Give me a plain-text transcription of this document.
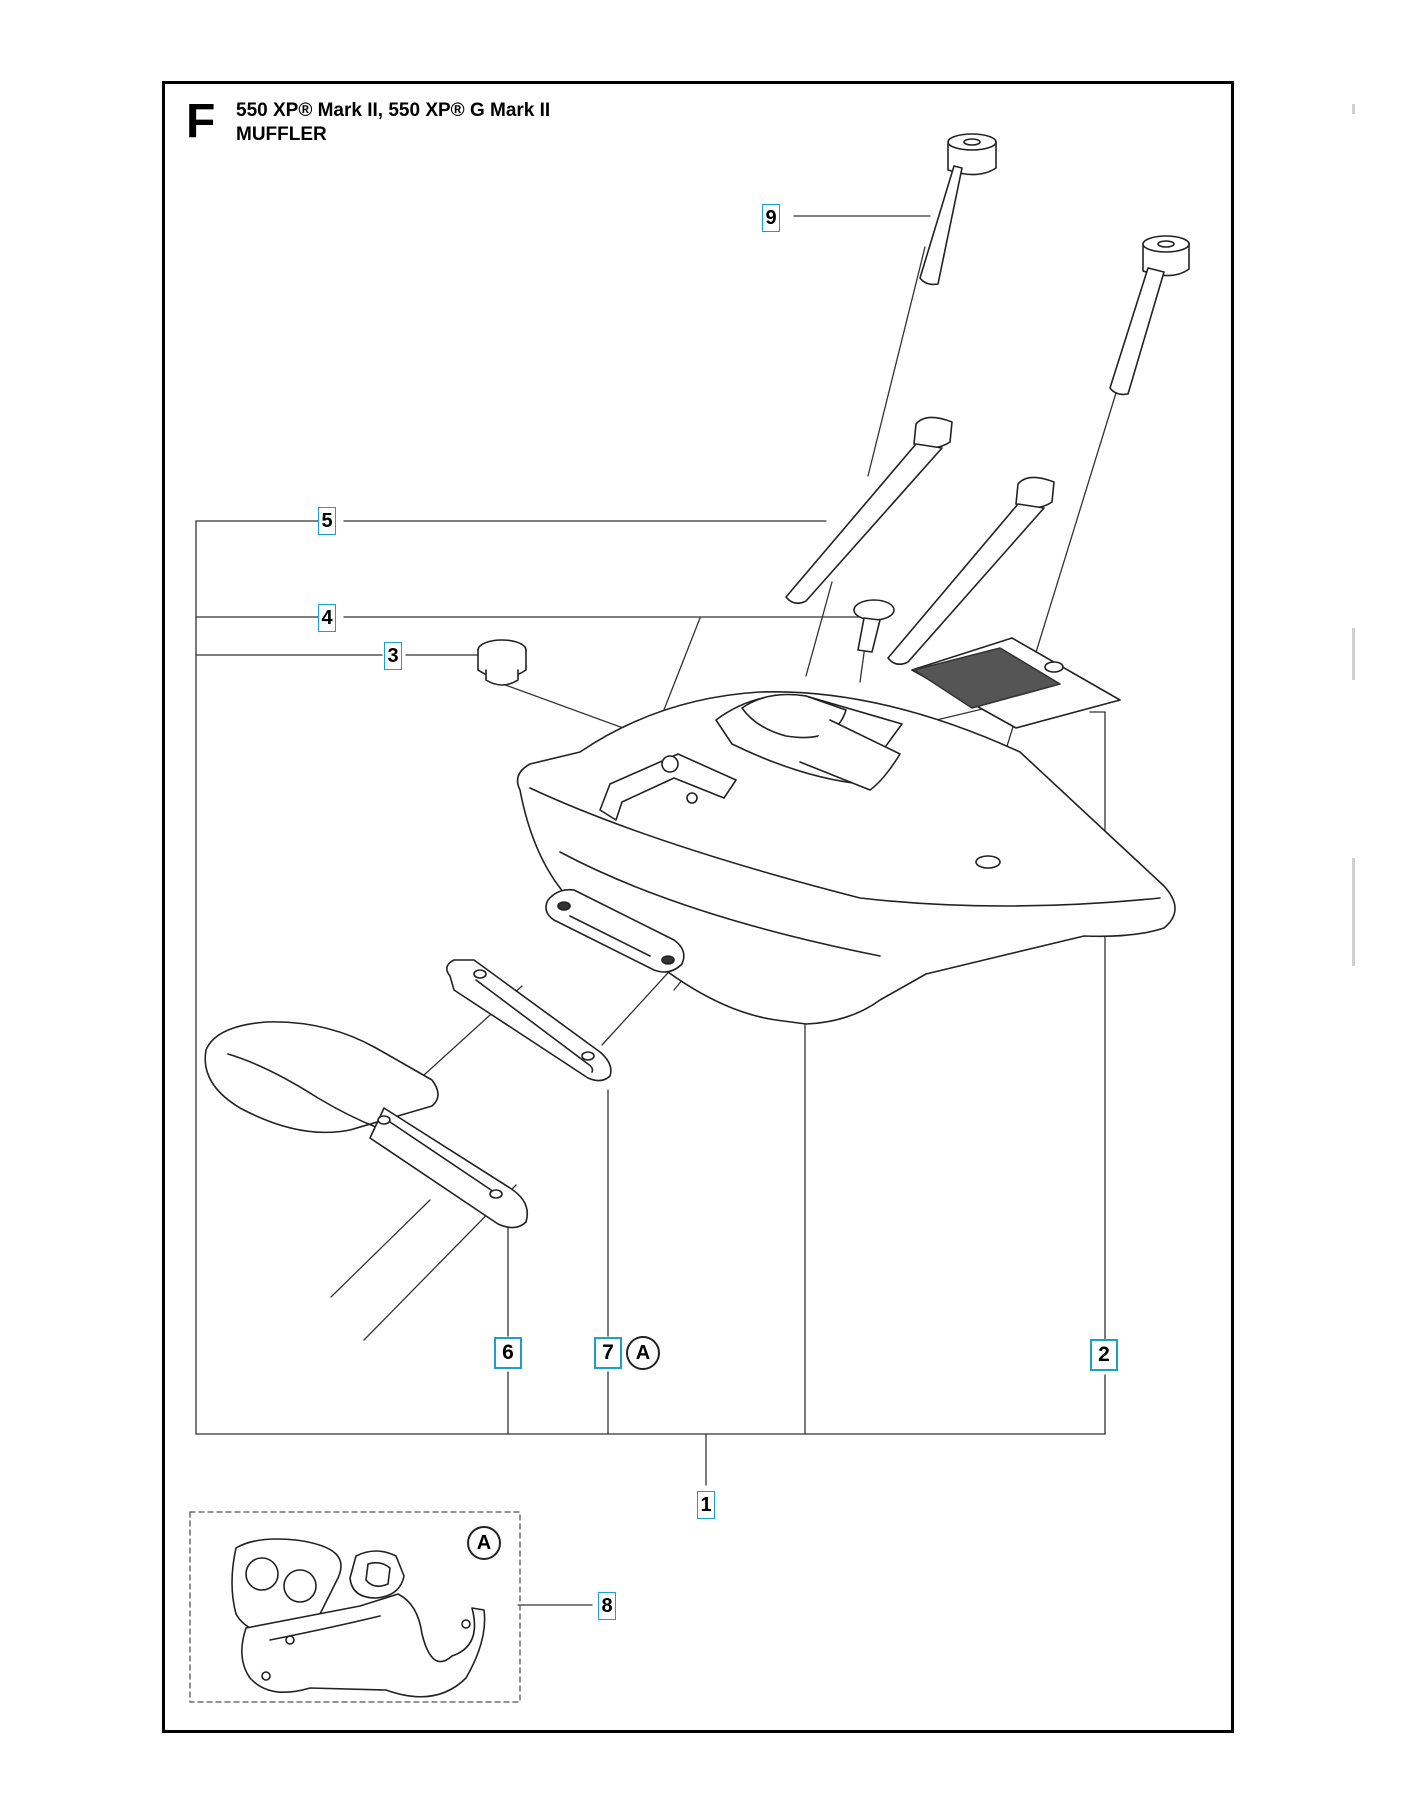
F 550 XP® Mark II, 550 XP® G Mark II
MUFFLER
9
5
4
3
6	7	A	2
1
8
A
